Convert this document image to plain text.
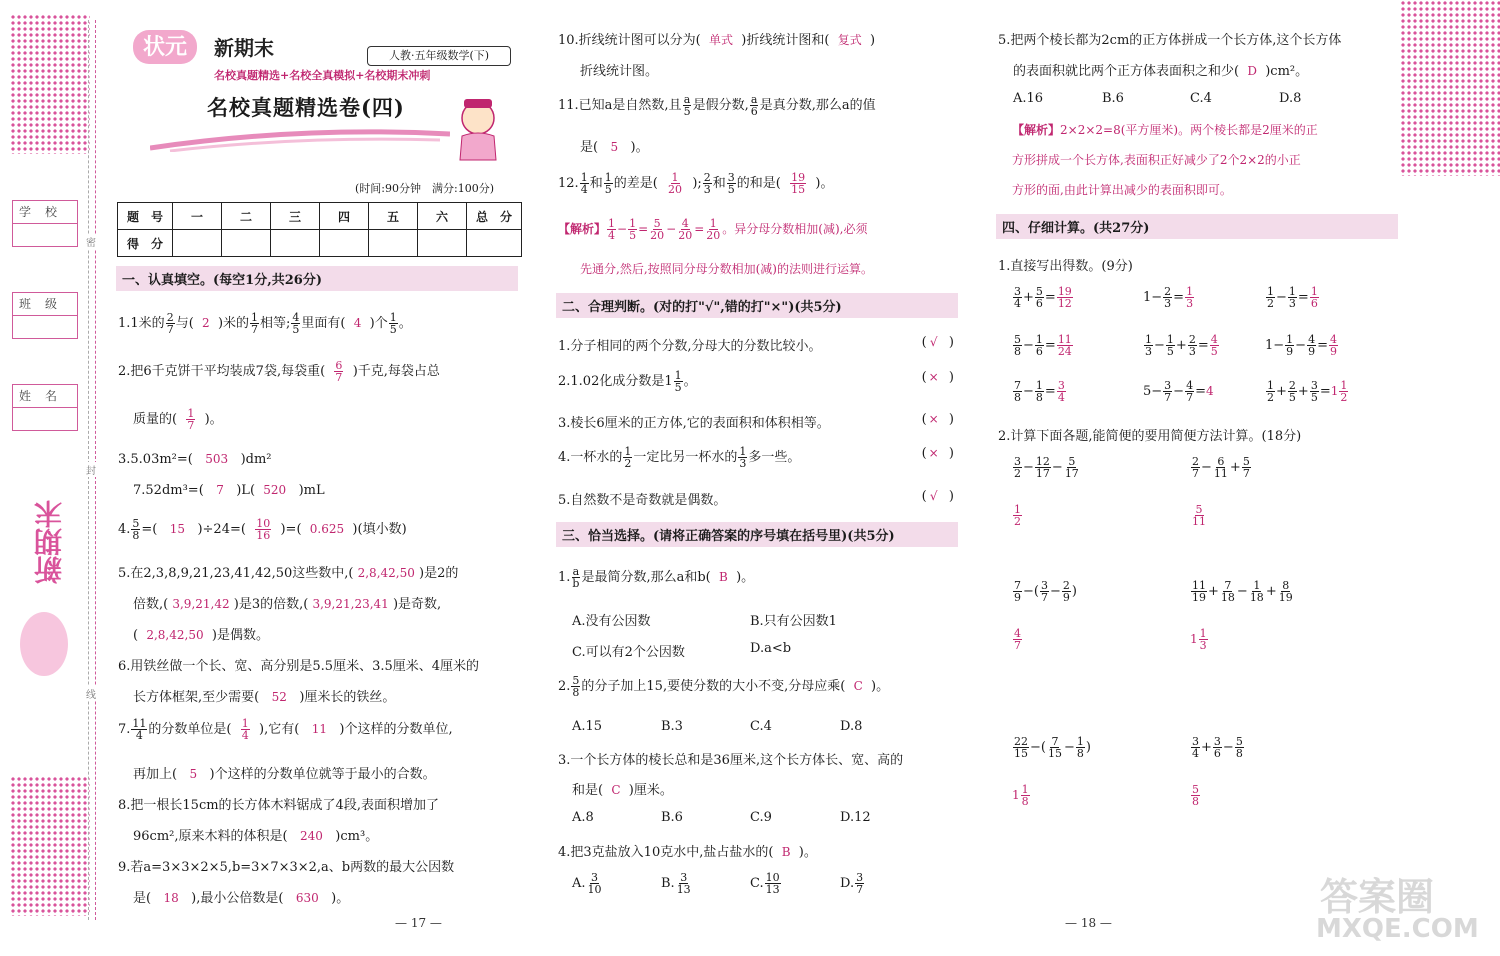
学校
班级
姓名
密
封
线
新期末
状元	新期末	人教·五年级数学(下)
名校真题精选+名校全真模拟+名校期末冲刺
名校真题精选卷(四)
(时间:90分钟　满分:100分)
题　号	一	二	三	四	五	六	总　分
得　分							
一、认真填空。(每空1分,共26分)
1.1米的 $\frac{2}{7}$ 与( 2 )米的 $\frac{1}{7}$ 相等; $\frac{4}{5}$ 里面有( 4 )个 $\frac{1}{5}$ 。
2.把6千克饼干平均装成7袋,每袋重( $\frac{6}{7}$ )千克,每袋占总
质量的( $\frac{1}{7}$ )。
3.5.03m²=( 503 )dm²
7.52dm³=( 7 )L( 520 )mL
4. $\frac{5}{8}$ =( 15 )$\div 24=( \frac{10}{16}$ )=( 0.625 )(填小数)
5.在2,3,8,9,21,23,41,42,50这些数中,( 2,8,42,50 )是2的
倍数,( 3,9,21,42 )是3的倍数,( 3,9,21,23,41 )是奇数,
( 2,8,42,50 )是偶数。
6.用铁丝做一个长、宽、高分别是5.5厘米、3.5厘米、4厘米的
长方体框架,至少需要( 52 )厘米长的铁丝。
7. $\frac{11}{4}$ 的分数单位是( $\frac{1}{4}$ ),它有( 11 )个这样的分数单位,
再加上( 5 )个这样的分数单位就等于最小的合数。
8.把一根长15cm的长方体木料锯成了4段,表面积增加了
96cm²,原来木料的体积是( 240 )cm³。
9.若a=3×3×2×5,b=3×7×3×2,a、b两数的最大公因数
是( 18 ),最小公倍数是( 630 )。
— 17 —
10.折线统计图可以分为( 单式 )折线统计图和( 复式 )
折线统计图。
11.已知a是自然数,且 $\frac{a}{5}$ 是假分数, $\frac{a}{6}$ 是真分数,那么a的值
是( 5 )。
12. $\frac{1}{4}$ 和 $\frac{1}{5}$ 的差是( $\frac{1}{20}$ ); $\frac{2}{3}$ 和 $\frac{3}{5}$ 的和是( $\frac{19}{15}$ )。
【解析】 $\frac{1}{4} - \frac{1}{5} = \frac{5}{20} - \frac{4}{20} = \frac{1}{20}$ 。异分母分数相加(减),必须
先通分,然后,按照同分母分数相加(减)的法则进行运算。
二、合理判断。(对的打"√",错的打"×")(共5分)
1.分子相同的两个分数,分母大的分数比较小。	( √  )
2.1.02化成分数是$1 \frac{1}{5}$ 。	( ×  )
3.棱长6厘米的正方体,它的表面积和体积相等。	( ×  )
4.一杯水的 $\frac{1}{2}$ 一定比另一杯水的 $\frac{1}{3}$ 多一些。	( ×  )
5.自然数不是奇数就是偶数。	( √  )
三、恰当选择。(请将正确答案的序号填在括号里)(共5分)
1. $\frac{a}{b}$ 是最简分数,那么a和b( B )。
A.没有公因数	B.只有公因数1
C.可以有2个公因数	D.a<b
2. $\frac{5}{8}$ 的分子加上15,要使分数的大小不变,分母应乘( C )。
A.15	B.3	C.4	D.8
3.一个长方体的棱长总和是36厘米,这个长方体长、宽、高的
和是( C )厘米。
A.8	B.6	C.9	D.12
4.把3克盐放入10克水中,盐占盐水的( B )。
A. $\frac{3}{10}$	B. $\frac{3}{13}$	C. $\frac{10}{13}$	D. $\frac{3}{7}$
5.把两个棱长都为2cm的正方体拼成一个长方体,这个长方体
的表面积就比两个正方体表面积之和少( D )cm²。
A.16	B.6	C.4	D.8
【解析】2×2×2=8(平方厘米)。两个棱长都是2厘米的正
方形拼成一个长方体,表面积正好减少了2个2×2的小正
方形的面,由此计算出减少的表面积即可。
四、仔细计算。(共27分)
1.直接写出得数。(9分)
$\frac{3}{4} + \frac{5}{6} = \frac{19}{12}$	$1- \frac{2}{3} = \frac{1}{3}$	$\frac{1}{2} - \frac{1}{3} = \frac{1}{6}$
$\frac{5}{8} - \frac{1}{6} = \frac{11}{24}$	$\frac{1}{3} - \frac{1}{5} + \frac{2}{3} = \frac{4}{5}$	$1- \frac{1}{9} - \frac{4}{9} = \frac{4}{9}$
$\frac{7}{8} - \frac{1}{8} = \frac{3}{4}$	$5- \frac{3}{7} - \frac{4}{7} =4$	$\frac{1}{2} + \frac{2}{5} + \frac{3}{5} =1 \frac{1}{2}$
2.计算下面各题,能简便的要用简便方法计算。(18分)
$\frac{3}{2} - \frac{12}{17} - \frac{5}{17}$
$\frac{1}{2}$
$\frac{2}{7} - \frac{6}{11} + \frac{5}{7}$
$\frac{5}{11}$
$\frac{7}{9}$ −( $\frac{3}{7} - \frac{2}{9}$ )
$\frac{4}{7}$
$\frac{11}{19} + \frac{7}{18} - \frac{1}{18} + \frac{8}{19}$
$1 \frac{1}{3}$
$\frac{22}{15}$ −( $\frac{7}{15} - \frac{1}{8}$ )
$1 \frac{1}{8}$
$\frac{3}{4} + \frac{3}{6} - \frac{5}{8}$
$\frac{5}{8}$
— 18 —
答案圈
MXQE.COM
